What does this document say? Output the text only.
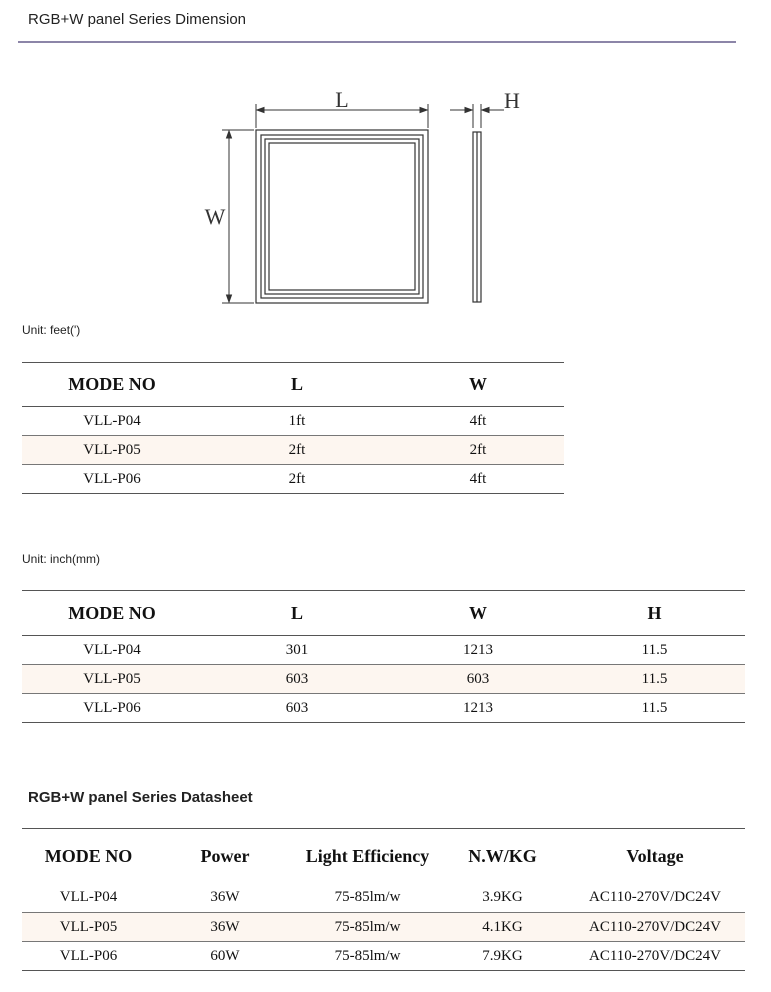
RGB+W panel Series Dimension
L
W
H
Unit: feet(')
MODE NO	L	W
VLL-P04	1ft	4ft
VLL-P05	2ft	2ft
VLL-P06	2ft	4ft
Unit: inch(mm)
MODE NO	L	W	H
VLL-P04	301	1213	11.5
VLL-P05	603	603	11.5
VLL-P06	603	1213	11.5
RGB+W panel Series Datasheet
MODE NO	Power	Light Efficiency	N.W/KG	Voltage
VLL-P04	36W	75-85lm/w	3.9KG	AC110-270V/DC24V
VLL-P05	36W	75-85lm/w	4.1KG	AC110-270V/DC24V
VLL-P06	60W	75-85lm/w	7.9KG	AC110-270V/DC24V
